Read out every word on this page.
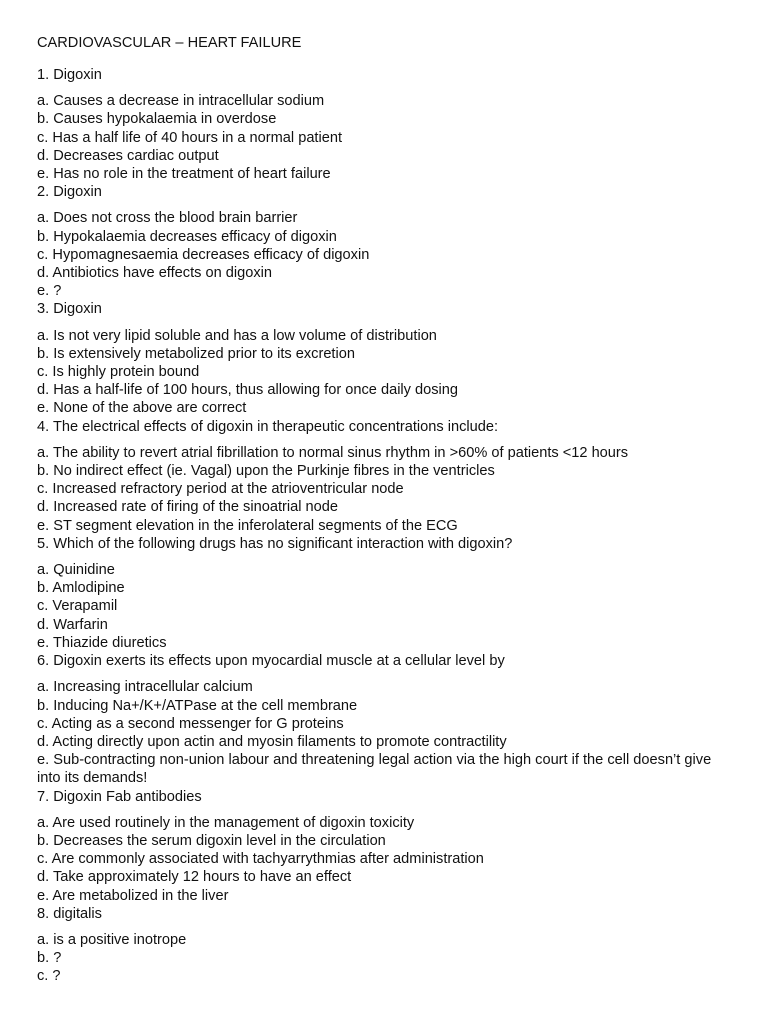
CARDIOVASCULAR – HEART FAILURE
1. Digoxin
a. Causes a decrease in intracellular sodium
b. Causes hypokalaemia in overdose
c. Has a half life of 40 hours in a normal patient
d. Decreases cardiac output
e. Has no role in the treatment of heart failure
2. Digoxin
a. Does not cross the blood brain barrier
b. Hypokalaemia decreases efficacy of digoxin
c. Hypomagnesaemia decreases efficacy of digoxin
d. Antibiotics have effects on digoxin
e. ?
3. Digoxin
a. Is not very lipid soluble and has a low volume of distribution
b. Is extensively metabolized prior to its excretion
c. Is highly protein bound
d. Has a half-life of 100 hours, thus allowing for once daily dosing
e. None of the above are correct
4. The electrical effects of digoxin in therapeutic concentrations include:
a. The ability to revert atrial fibrillation to normal sinus rhythm in >60% of patients <12 hours
b. No indirect effect (ie. Vagal) upon the Purkinje fibres in the ventricles
c. Increased refractory period at the atrioventricular node
d. Increased rate of firing of the sinoatrial node
e. ST segment elevation in the inferolateral segments of the ECG
5. Which of the following drugs has no significant interaction with digoxin?
a. Quinidine
b. Amlodipine
c. Verapamil
d. Warfarin
e. Thiazide diuretics
6. Digoxin exerts its effects upon myocardial muscle at a cellular level by
a. Increasing intracellular calcium
b. Inducing Na+/K+/ATPase at the cell membrane
c. Acting as a second messenger for G proteins
d. Acting directly upon actin and myosin filaments to promote contractility
e. Sub-contracting non-union labour and threatening legal action via the high court if the cell doesn’t give into its demands!
7. Digoxin Fab antibodies
a. Are used routinely in the management of digoxin toxicity
b. Decreases the serum digoxin level in the circulation
c. Are commonly associated with tachyarrythmias after administration
d. Take approximately 12 hours to have an effect
e. Are metabolized in the liver
8. digitalis
a. is a positive inotrope
b. ?
c. ?
